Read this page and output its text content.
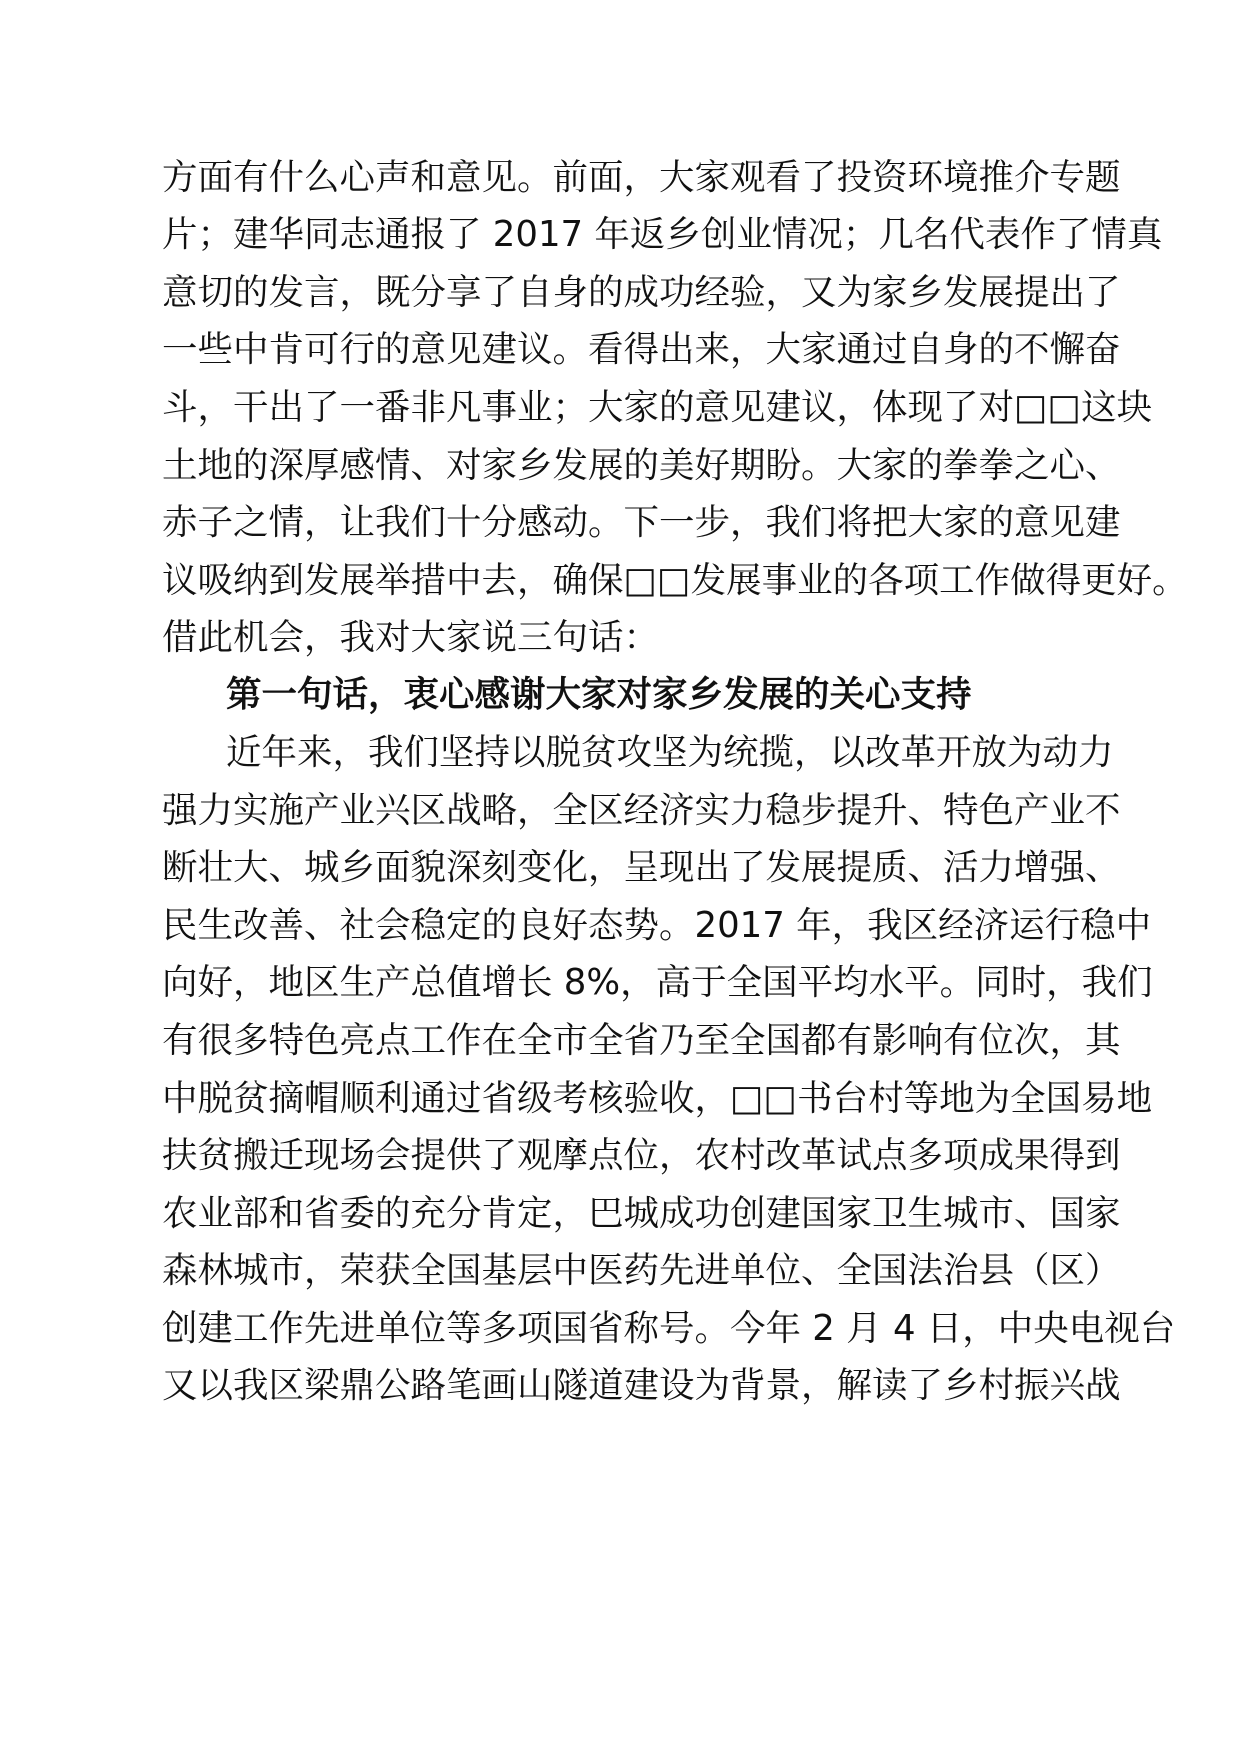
方面有什么心声和意见。前面，大家观看了投资环境推介专题

片；建华同志通报了 2017 年返乡创业情况；几名代表作了情真

意切的发言，既分享了自身的成功经验，又为家乡发展提出了

一些中肯可行的意见建议。看得出来，大家通过自身的不懈奋

斗，干出了一番非凡事业；大家的意见建议，体现了对□□这块

土地的深厚感情、对家乡发展的美好期盼。大家的拳拳之心、

赤子之情，让我们十分感动。下一步，我们将把大家的意见建

议吸纳到发展举措中去，确保□□发展事业的各项工作做得更好。

借此机会，我对大家说三句话：

第一句话，衷心感谢大家对家乡发展的关心支持

近年来，我们坚持以脱贫攻坚为统揽，以改革开放为动力

强力实施产业兴区战略，全区经济实力稳步提升、特色产业不

断壮大、城乡面貌深刻变化，呈现出了发展提质、活力增强、

民生改善、社会稳定的良好态势。2017 年，我区经济运行稳中

向好，地区生产总值增长 8%，高于全国平均水平。同时，我们

有很多特色亮点工作在全市全省乃至全国都有影响有位次，其

中脱贫摘帽顺利通过省级考核验收，□□书台村等地为全国易地

扶贫搬迁现场会提供了观摩点位，农村改革试点多项成果得到

农业部和省委的充分肯定，巴城成功创建国家卫生城市、国家

森林城市，荣获全国基层中医药先进单位、全国法治县（区）

创建工作先进单位等多项国省称号。今年 2 月 4 日，中央电视台

又以我区梁鼎公路笔画山隧道建设为背景，解读了乡村振兴战
